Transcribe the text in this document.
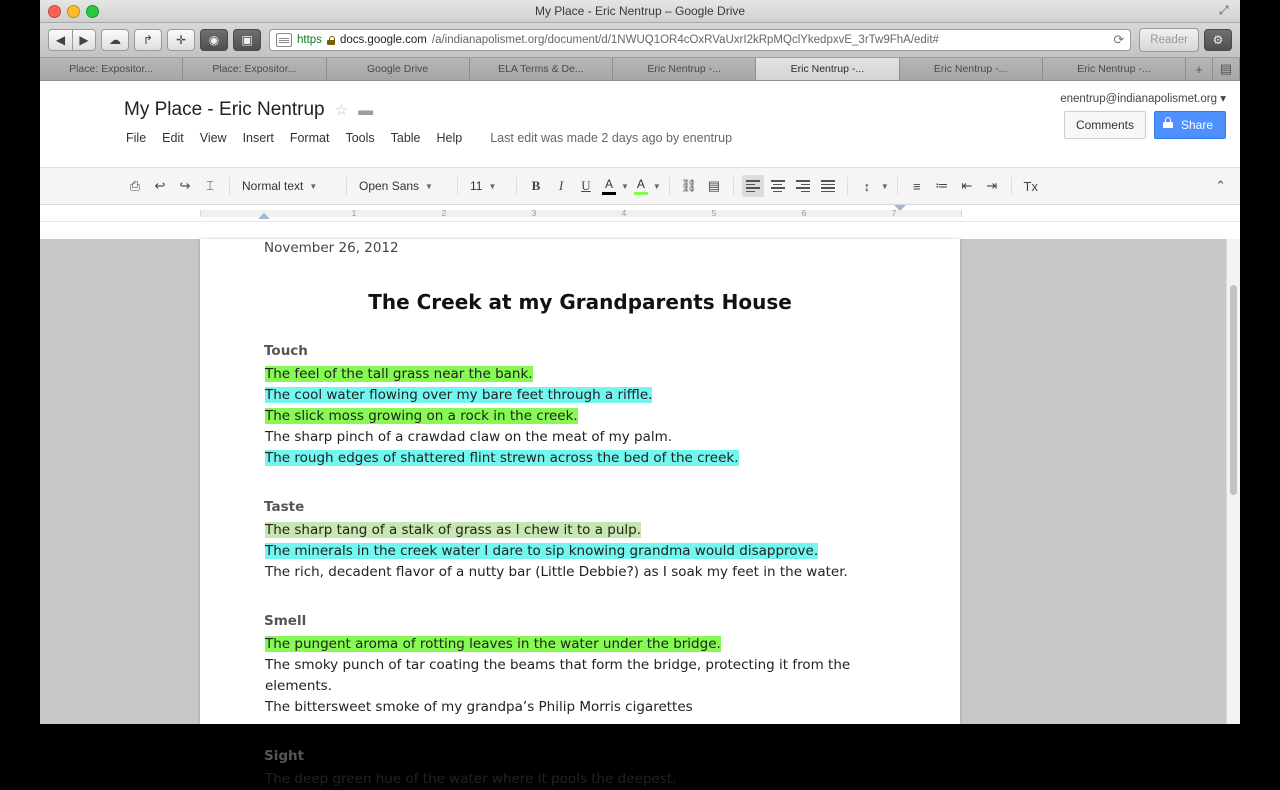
My Place - Eric Nentrup – Google Drive	⤢
◀	▶	☁	↱	✛	◉	▣	https docs.google.com /a/indianapolismet.org/document/d/1NWUQ1OR4cOxRVaUxrI2kRpMQclYkedpxvE_3rTw9FhA/edit#	⟳	Reader	⚙
Place: Expositor...	Place: Expositor...	Google Drive	ELA Terms & De...	Eric Nentrup -...	Eric Nentrup -...	Eric Nentrup -...	Eric Nentrup -...	+	▤
My Place - Eric Nentrup ☆ ▬
File Edit View Insert Format Tools Table Help Last edit was made 2 days ago by enentrup
enentrup@indianapolismet.org ▾
Comments	Share
⎙	↩	↪	⌶	Normal text ▼	Open Sans ▼	11 ▼	B	I	U	A ▼ A ▼ ⛓ ▤	↕	▼	≡	≔	⇤	⇥	Tx	⌃
1	2	3	4	5	6	7
November 26, 2012
The Creek at my Grandparents House
Touch

The feel of the tall grass near the bank.

The cool water flowing over my bare feet through a riffle.

The slick moss growing on a rock in the creek.

The sharp pinch of a crawdad claw on the meat of my palm.

The rough edges of shattered flint strewn across the bed of the creek.

Taste

The sharp tang of a stalk of grass as I chew it to a pulp.

The minerals in the creek water I dare to sip knowing grandma would disapprove.

The rich, decadent flavor of a nutty bar (Little Debbie?) as I soak my feet in the water.

Smell

The pungent aroma of rotting leaves in the water under the bridge.

The smoky punch of tar coating the beams that form the bridge, protecting it from the elements.

The bittersweet smoke of my grandpa’s Philip Morris cigarettes

Sight

The deep green hue of the water where it pools the deepest.
